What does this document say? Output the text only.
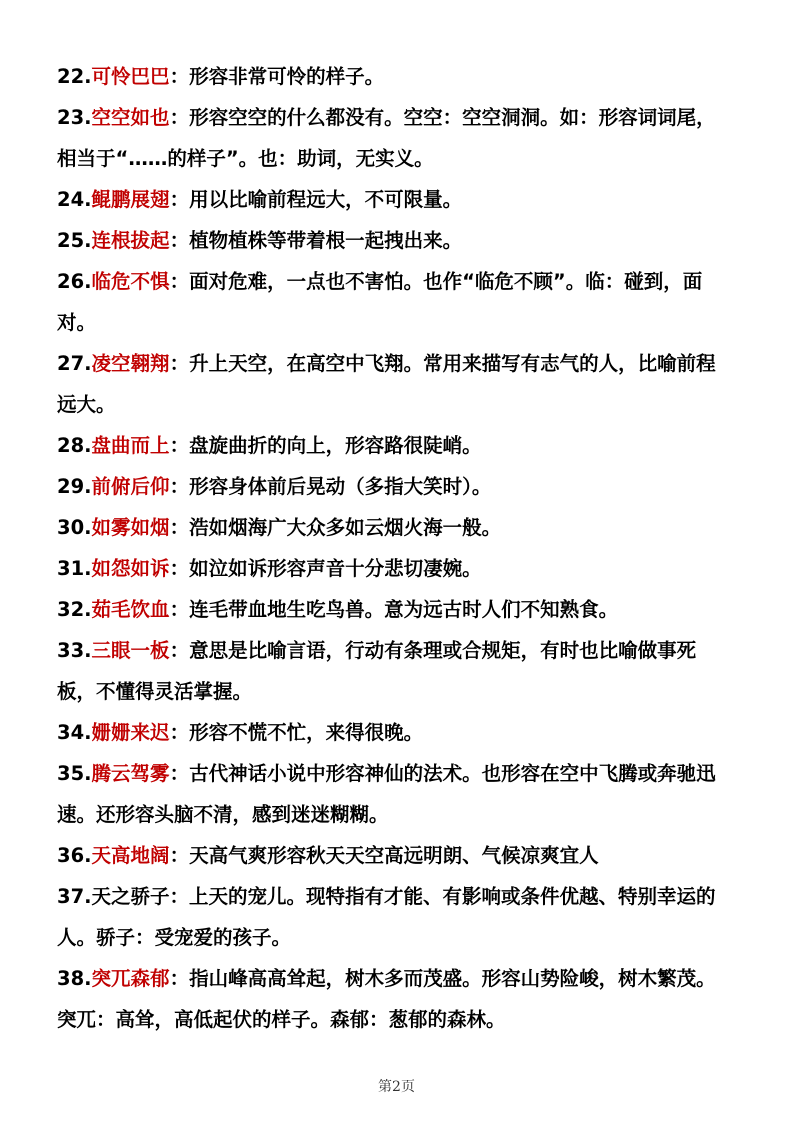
22.可怜巴巴：形容非常可怜的样子。

23.空空如也：形容空空的什么都没有。空空：空空洞洞。如：形容词词尾，相当于“……的样子”。也：助词，无实义。

24.鲲鹏展翅：用以比喻前程远大，不可限量。

25.连根拔起：植物植株等带着根一起拽出来。

26.临危不惧：面对危难，一点也不害怕。也作“临危不顾”。临：碰到，面对。

27.凌空翱翔：升上天空，在高空中飞翔。常用来描写有志气的人，比喻前程远大。

28.盘曲而上：盘旋曲折的向上，形容路很陡峭。

29.前俯后仰：形容身体前后晃动（多指大笑时）。

30.如雾如烟：浩如烟海广大众多如云烟火海一般。

31.如怨如诉：如泣如诉形容声音十分悲切凄婉。

32.茹毛饮血：连毛带血地生吃鸟兽。意为远古时人们不知熟食。

33.三眼一板：意思是比喻言语，行动有条理或合规矩，有时也比喻做事死板，不懂得灵活掌握。

34.姗姗来迟：形容不慌不忙，来得很晚。

35.腾云驾雾：古代神话小说中形容神仙的法术。也形容在空中飞腾或奔驰迅速。还形容头脑不清，感到迷迷糊糊。

36.天高地阔：天高气爽形容秋天天空高远明朗、气候凉爽宜人

37.天之骄子：上天的宠儿。现特指有才能、有影响或条件优越、特别幸运的人。骄子：受宠爱的孩子。

38.突兀森郁：指山峰高高耸起，树木多而茂盛。形容山势险峻，树木繁茂。突兀：高耸，高低起伏的样子。森郁：葱郁的森林。

第2页
